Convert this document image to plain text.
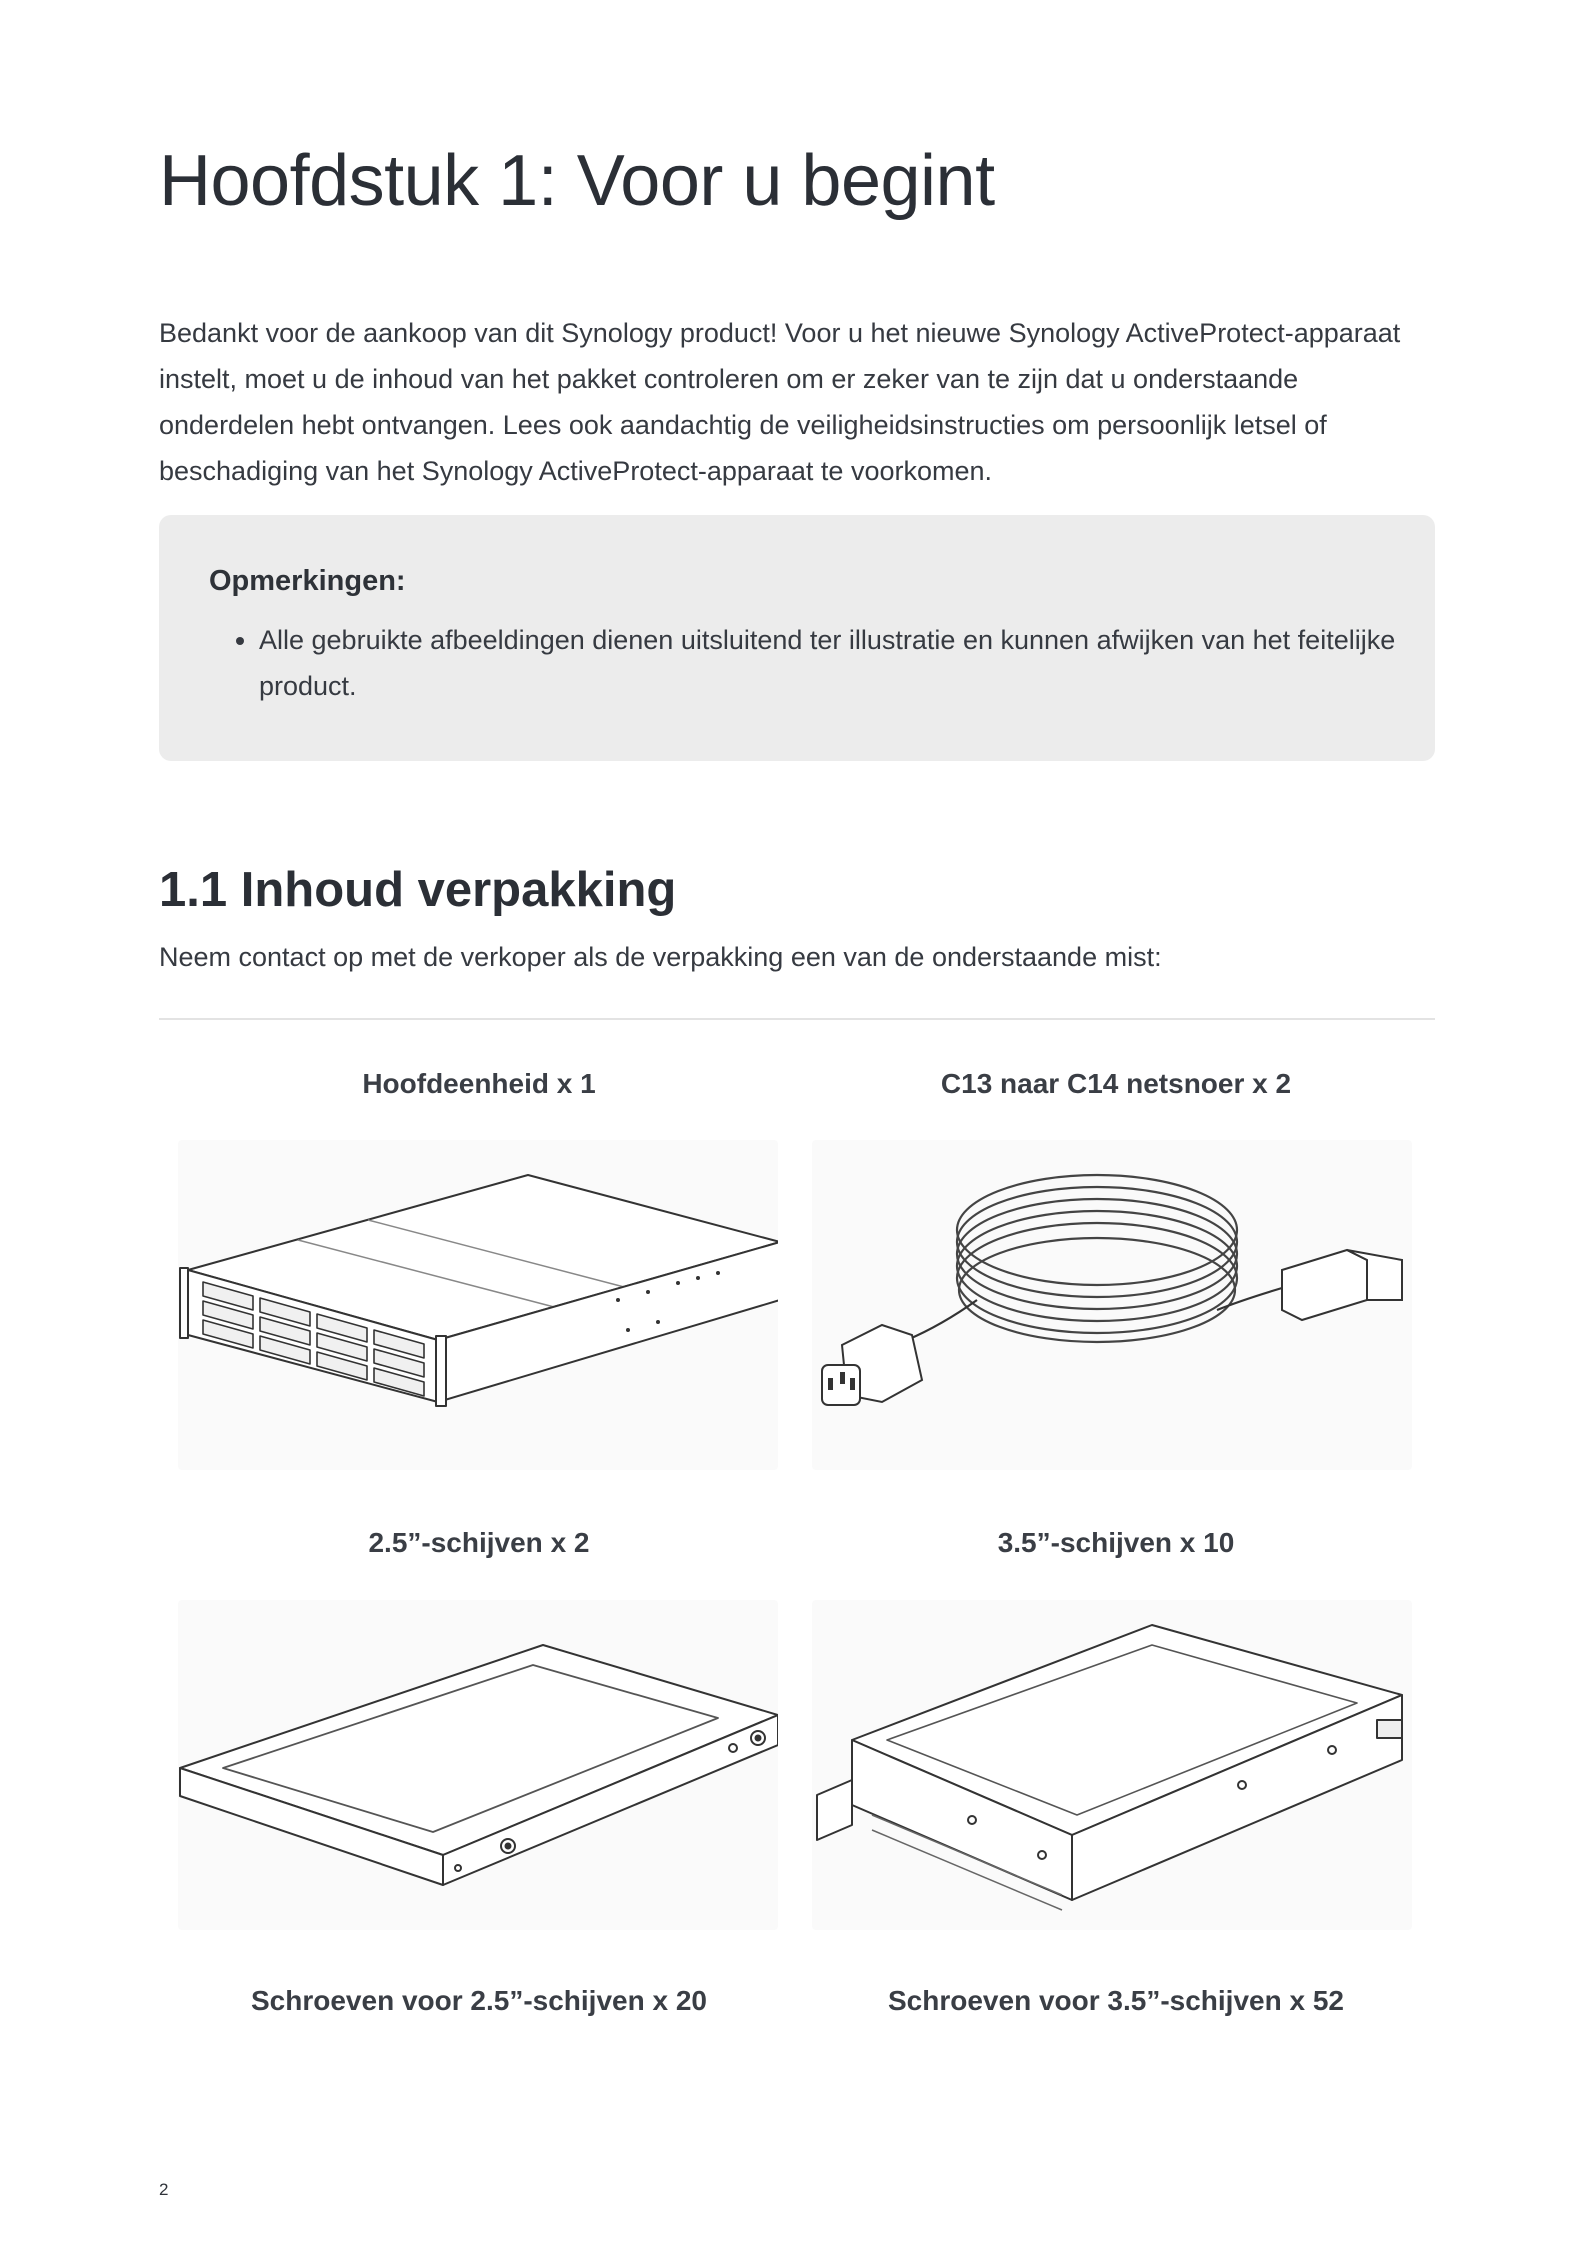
Hoofdstuk 1: Voor u begint

Bedankt voor de aankoop van dit Synology product! Voor u het nieuwe Synology ActiveProtect-apparaat instelt, moet u de inhoud van het pakket controleren om er zeker van te zijn dat u onderstaande onderdelen hebt ontvangen. Lees ook aandachtig de veiligheidsinstructies om persoonlijk letsel of beschadiging van het Synology ActiveProtect-apparaat te voorkomen.

Opmerkingen:
• Alle gebruikte afbeeldingen dienen uitsluitend ter illustratie en kunnen afwijken van het feitelijke product.
1.1 Inhoud verpakking

Neem contact op met de verkoper als de verpakking een van de onderstaande mist:

Hoofdeenheid x 1	C13 naar C14 netsnoer x 2
2.5”-schijven x 2	3.5”-schijven x 10
Schroeven voor 2.5”-schijven x 20	Schroeven voor 3.5”-schijven x 52
2
